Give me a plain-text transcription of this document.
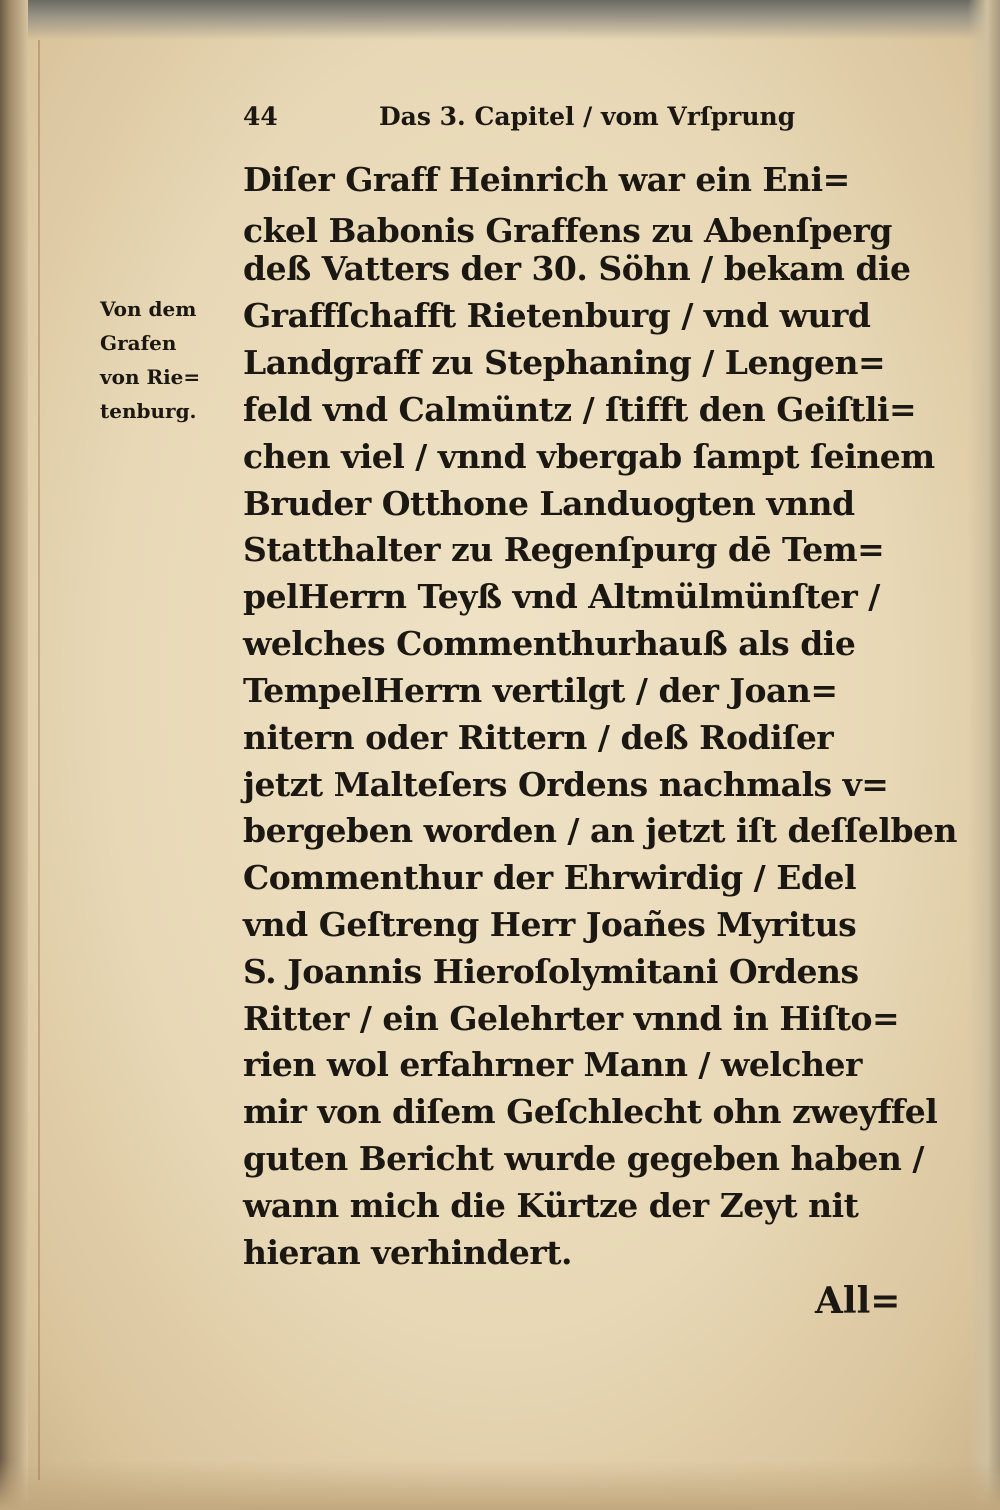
44	Das 3. Capitel / vom Vrſprung
Von dem
Grafen
von Rie=
tenburg.
Diſer Graff Heinrich war ein Eni=
ckel Babonis Graffens zu Abenſperg
deß Vatters der 30. Söhn / bekam die
Graffſchafft Rietenburg / vnd wurd
Landgraff zu Stephaning / Lengen=
feld vnd Calmüntz / ſtifft den Geiſtli=
chen viel / vnnd vbergab ſampt ſeinem
Bruder Otthone Landuogten vnnd
Statthalter zu Regenſpurg dē Tem=
pelHerrn Teyß vnd Altmülmünſter /
welches Commenthurhauß als die
TempelHerrn vertilgt / der Joan=
nitern oder Rittern / deß Rodiſer
jetzt Malteſers Ordens nachmals v=
bergeben worden / an jetzt iſt deſſelben
Commenthur der Ehrwirdig / Edel
vnd Geſtreng Herr Joañes Myritus
S. Joannis Hieroſolymitani Ordens
Ritter / ein Gelehrter vnnd in Hiſto=
rien wol erfahrner Mann / welcher
mir von diſem Geſchlecht ohn zweyffel
guten Bericht wurde gegeben haben /
wann mich die Kürtze der Zeyt nit
hieran verhindert.
All=
